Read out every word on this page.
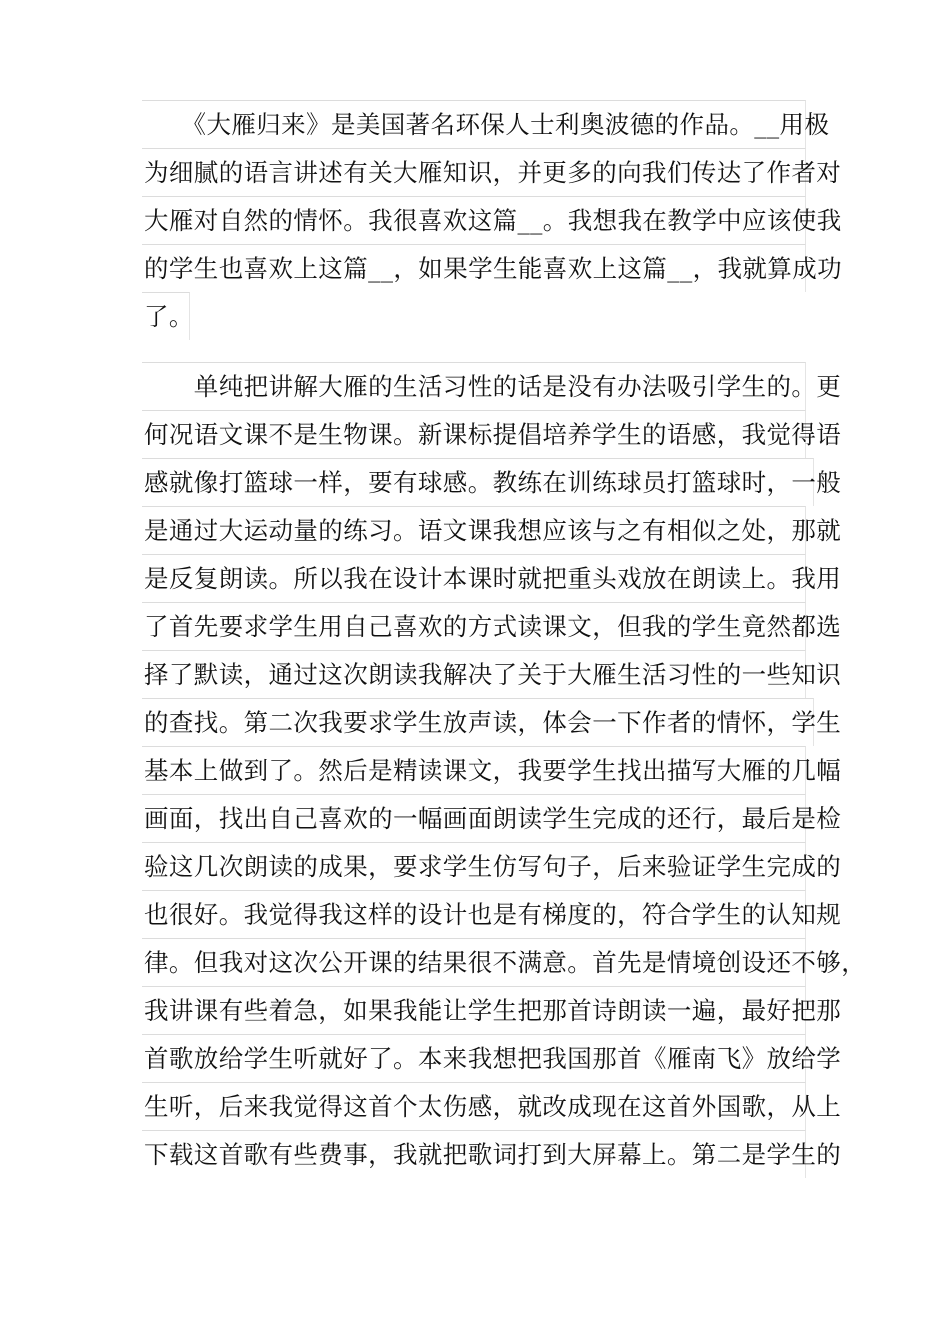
　　《大雁归来》是美国著名环保人士利奥波德的作品。__用极
为细腻的语言讲述有关大雁知识，并更多的向我们传达了作者对
大雁对自然的情怀。我很喜欢这篇__。我想我在教学中应该使我
的学生也喜欢上这篇__，如果学生能喜欢上这篇__，我就算成功
了。
　　单纯把讲解大雁的生活习性的话是没有办法吸引学生的。更
何况语文课不是生物课。新课标提倡培养学生的语感，我觉得语
感就像打篮球一样，要有球感。教练在训练球员打篮球时，一般
是通过大运动量的练习。语文课我想应该与之有相似之处，那就
是反复朗读。所以我在设计本课时就把重头戏放在朗读上。我用
了首先要求学生用自己喜欢的方式读课文，但我的学生竟然都选
择了默读，通过这次朗读我解决了关于大雁生活习性的一些知识
的查找。第二次我要求学生放声读，体会一下作者的情怀，学生
基本上做到了。然后是精读课文，我要学生找出描写大雁的几幅
画面，找出自己喜欢的一幅画面朗读学生完成的还行，最后是检
验这几次朗读的成果，要求学生仿写句子，后来验证学生完成的
也很好。我觉得我这样的设计也是有梯度的，符合学生的认知规
律。但我对这次公开课的结果很不满意。首先是情境创设还不够，
我讲课有些着急，如果我能让学生把那首诗朗读一遍，最好把那
首歌放给学生听就好了。本来我想把我国那首《雁南飞》放给学
生听，后来我觉得这首个太伤感，就改成现在这首外国歌，从上
下载这首歌有些费事，我就把歌词打到大屏幕上。第二是学生的
